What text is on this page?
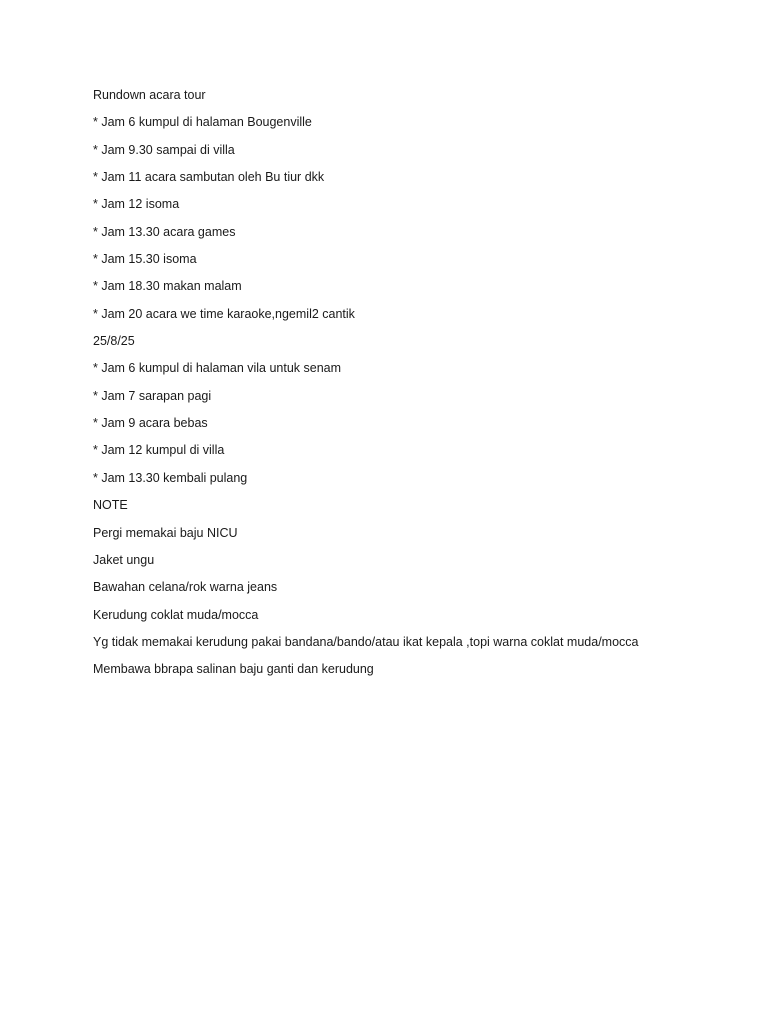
Rundown acara tour
* Jam 6 kumpul di halaman Bougenville
* Jam 9.30 sampai di villa
* Jam 11 acara sambutan oleh Bu tiur dkk
* Jam 12 isoma
* Jam 13.30 acara games
* Jam 15.30 isoma
* Jam 18.30 makan malam
* Jam 20 acara we time karaoke,ngemil2 cantik
25/8/25
* Jam 6 kumpul di halaman vila untuk senam
* Jam 7 sarapan pagi
* Jam 9 acara bebas
* Jam 12 kumpul di villa
* Jam 13.30 kembali pulang
NOTE
Pergi memakai baju NICU
Jaket ungu
Bawahan celana/rok warna jeans
Kerudung coklat muda/mocca
Yg tidak memakai kerudung pakai bandana/bando/atau ikat kepala ,topi warna coklat muda/mocca
Membawa bbrapa salinan baju ganti dan kerudung
